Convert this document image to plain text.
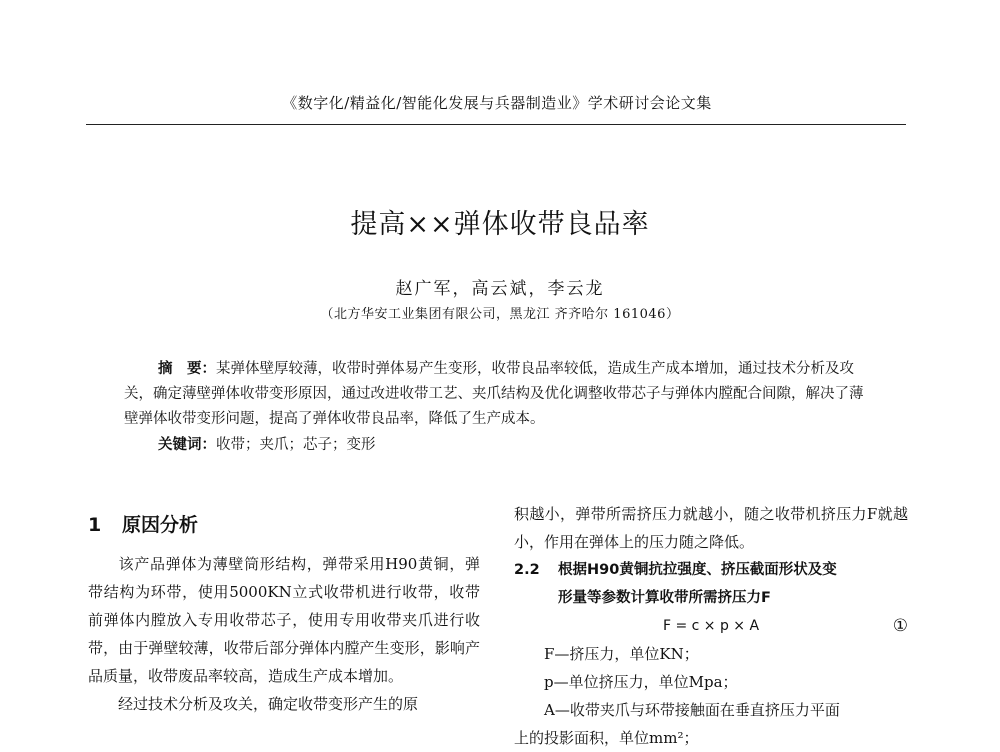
《数字化/精益化/智能化发展与兵器制造业》学术研讨会论文集
提高××弹体收带良品率
赵广军，高云斌，李云龙
（北方华安工业集团有限公司，黑龙江 齐齐哈尔 161046）

摘　要：某弹体壁厚较薄，收带时弹体易产生变形，收带良品率较低，造成生产成本增加，通过技术分析及攻关，确定薄壁弹体收带变形原因，通过改进收带工艺、夹爪结构及优化调整收带芯子与弹体内膛配合间隙，解决了薄壁弹体收带变形问题，提高了弹体收带良品率，降低了生产成本。

关键词：收带；夹爪；芯子；变形

1 原因分析

该产品弹体为薄壁筒形结构，弹带采用H90黄铜，弹带结构为环带，使用5000KN立式收带机进行收带，收带前弹体内膛放入专用收带芯子，使用专用收带夹爪进行收带，由于弹壁较薄，收带后部分弹体内膛产生变形，影响产品质量，收带废品率较高，造成生产成本增加。

经过技术分析及攻关，确定收带变形产生的原

积越小，弹带所需挤压力就越小，随之收带机挤压力F就越小，作用在弹体上的压力随之降低。

2.2 根据H90黄铜抗拉强度、挤压截面形状及变
形量等参数计算收带所需挤压力F
F = c × p × A	①

F—挤压力，单位KN；

p—单位挤压力，单位Mpa；

A—收带夹爪与环带接触面在垂直挤压力平面

上的投影面积，单位mm²；
